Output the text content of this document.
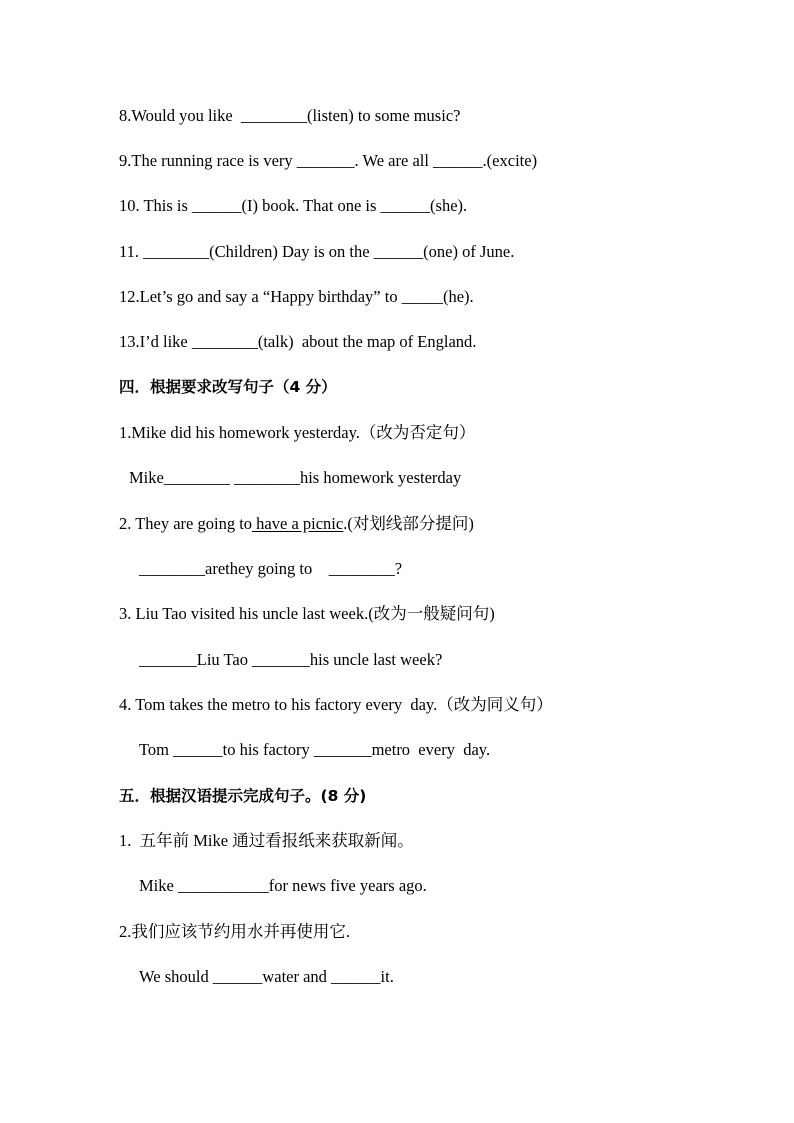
8.Would you like  ________(listen) to some music?
9.The running race is very _______. We are all ______.(excite)
10. This is ______(I) book. That one is ______(she).
11. ________(Children) Day is on the ______(one) of June.
12.Let’s go and say a “Happy birthday” to _____(he).
13.I’d like ________(talk)  about the map of England.
四．根据要求改写句子（4 分）
1.Mike did his homework yesterday.（改为否定句）
Mike________ ________his homework yesterday
2. They are going to have a picnic.(对划线部分提问)
________arethey going to    ________?
3. Liu Tao visited his uncle last week.(改为一般疑问句)
_______Liu Tao _______his uncle last week?
4. Tom takes the metro to his factory every  day.（改为同义句）
Tom ______to his factory _______metro  every  day.
五．根据汉语提示完成句子。(8 分)
1.  五年前 Mike 通过看报纸来获取新闻。
Mike ___________for news five years ago.
2.我们应该节约用水并再使用它.
We should ______water and ______it.
